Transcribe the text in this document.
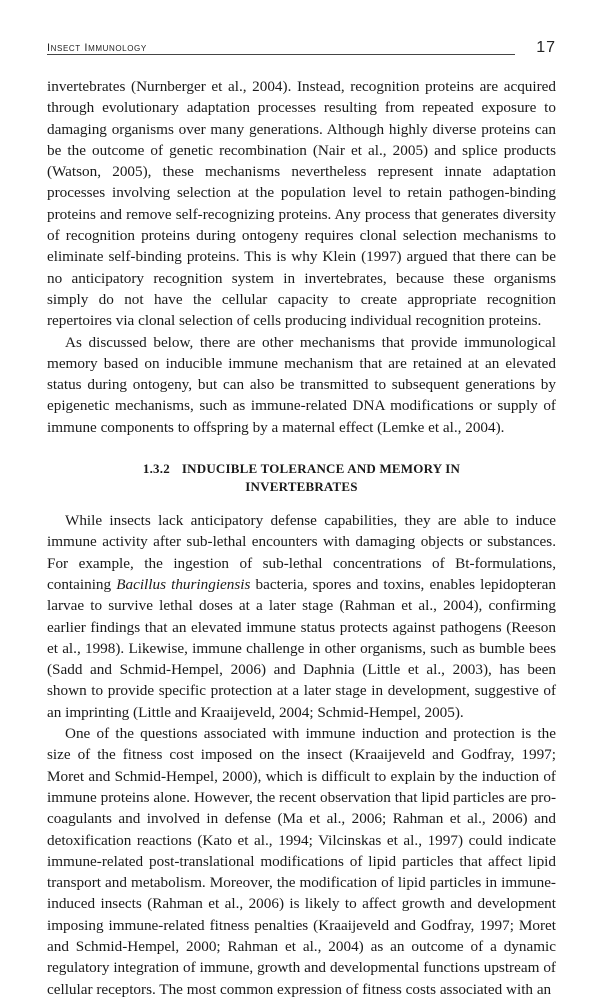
Insect Immunology	17

invertebrates (Nurnberger et al., 2004). Instead, recognition proteins are acquired through evolutionary adaptation processes resulting from repeated exposure to damaging organisms over many generations. Although highly diverse proteins can be the outcome of genetic recombination (Nair et al., 2005) and splice products (Watson, 2005), these mechanisms nevertheless represent innate adaptation processes involving selection at the population level to retain pathogen-binding proteins and remove self-recognizing proteins. Any process that generates diversity of recognition proteins during ontogeny requires clonal selection mechanisms to eliminate self-binding proteins. This is why Klein (1997) argued that there can be no anticipatory recognition system in invertebrates, because these organisms simply do not have the cellular capacity to create appropriate recognition repertoires via clonal selection of cells producing individual recognition proteins.

As discussed below, there are other mechanisms that provide immunological memory based on inducible immune mechanism that are retained at an elevated status during ontogeny, but can also be transmitted to subsequent generations by epigenetic mechanisms, such as immune-related DNA modifications or supply of immune components to offspring by a maternal effect (Lemke et al., 2004).

1.3.2 INDUCIBLE TOLERANCE AND MEMORY IN
INVERTEBRATES

While insects lack anticipatory defense capabilities, they are able to induce immune activity after sub-lethal encounters with damaging objects or substances. For example, the ingestion of sub-lethal concentrations of Bt-formulations, containing Bacillus thuringiensis bacteria, spores and toxins, enables lepidopteran larvae to survive lethal doses at a later stage (Rahman et al., 2004), confirming earlier findings that an elevated immune status protects against pathogens (Reeson et al., 1998). Likewise, immune challenge in other organisms, such as bumble bees (Sadd and Schmid-Hempel, 2006) and Daphnia (Little et al., 2003), has been shown to provide specific protection at a later stage in development, suggestive of an imprinting (Little and Kraaijeveld, 2004; Schmid-Hempel, 2005).

One of the questions associated with immune induction and protection is the size of the fitness cost imposed on the insect (Kraaijeveld and Godfray, 1997; Moret and Schmid-Hempel, 2000), which is difficult to explain by the induction of immune proteins alone. However, the recent observation that lipid particles are pro-coagulants and involved in defense (Ma et al., 2006; Rahman et al., 2006) and detoxification reactions (Kato et al., 1994; Vilcinskas et al., 1997) could indicate immune-related post-translational modifications of lipid particles that affect lipid transport and metabolism. Moreover, the modification of lipid particles in immune-induced insects (Rahman et al., 2006) is likely to affect growth and development imposing immune-related fitness penalties (Kraaijeveld and Godfray, 1997; Moret and Schmid-Hempel, 2000; Rahman et al., 2004) as an outcome of a dynamic regulatory integration of immune, growth and developmental functions upstream of cellular receptors. The most common expression of fitness costs associated with an
